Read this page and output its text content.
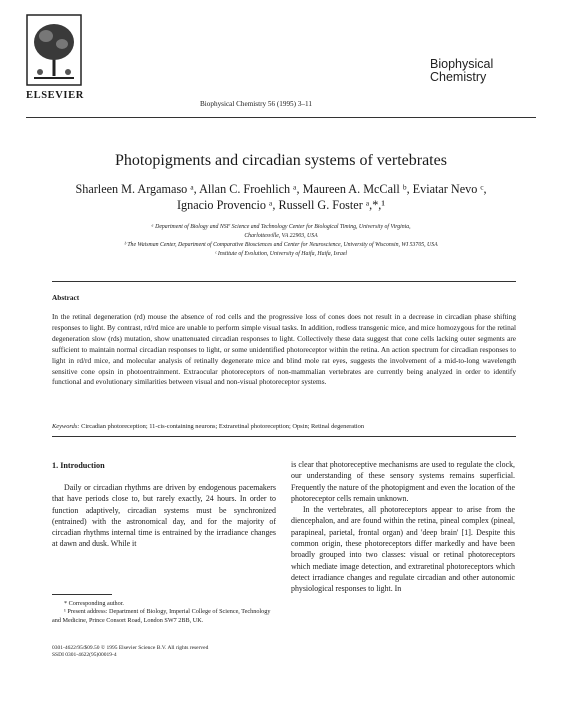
ELSEVIER
Biophysical Chemistry 56 (1995) 3–11
Biophysical
Chemistry
Photopigments and circadian systems of vertebrates
Sharleen M. Argamaso ᵃ, Allan C. Froehlich ᵃ, Maureen A. McCall ᵇ, Eviatar Nevo ᶜ,
Ignacio Provencio ᵃ, Russell G. Foster ᵃ,*,¹
ᵃ Department of Biology and NSF Science and Technology Center for Biological Timing, University of Virginia,
Charlottesville, VA 22903, USA
ᵇ The Waisman Center, Department of Comparative Biosciences and Center for Neuroscience, University of Wisconsin, WI 53705, USA
ᶜ Institute of Evolution, University of Haifa, Haifa, Israel
Abstract
In the retinal degeneration (rd) mouse the absence of rod cells and the progressive loss of cones does not result in a decrease in circadian phase shifting responses to light. By contrast, rd/rd mice are unable to perform simple visual tasks. In addition, rodless transgenic mice, and mice homozygous for the retinal degeneration slow (rds) mutation, show unattenuated circadian responses to light. Collectively these data suggest that cone cells lacking outer segments are sufficient to maintain normal circadian responses to light, or some unidentified photoreceptor within the retina. An action spectrum for circadian responses to light in rd/rd mice, and molecular analysis of retinally degenerate mice and blind mole rat eyes, suggests the involvement of a mid-to-long wavelength sensitive cone opsin in photoentrainment. Extraocular photoreceptors of non-mammalian vertebrates are currently being analyzed in order to identify functional and evolutionary similarities between visual and non-visual photoreceptor systems.
Keywords: Circadian photoreception; 11-cis-containing neurons; Extraretinal photoreception; Opsin; Retinal degeneration
1. Introduction
Daily or circadian rhythms are driven by endogenous pacemakers that have periods close to, but rarely exactly, 24 hours. In order to function adaptively, circadian systems must be synchronized (entrained) with the astronomical day, and for the majority of circadian rhythms internal time is entrained by the irradiance changes at dawn and dusk. While it
* Corresponding author.
¹ Present address: Department of Biology, Imperial College of Science, Technology and Medicine, Prince Consort Road, London SW7 2BB, UK.
0301-4622/95/$09.50 © 1995 Elsevier Science B.V. All rights reserved
SSDI 0301-4622(95)00019-4
is clear that photoreceptive mechanisms are used to regulate the clock, our understanding of these sensory systems remains superficial. Frequently the nature of the photopigment and even the location of the photoreceptor cells remain unknown.
In the vertebrates, all photoreceptors appear to arise from the diencephalon, and are found within the retina, pineal complex (pineal, parapineal, parietal, frontal organ) and 'deep brain' [1]. Despite this common origin, these photoreceptors differ markedly and have been broadly grouped into two classes: visual or retinal photoreceptors which mediate image detection, and extraretinal photoreceptors which detect irradiance changes and regulate circadian and other autonomic physiological responses to light. In
